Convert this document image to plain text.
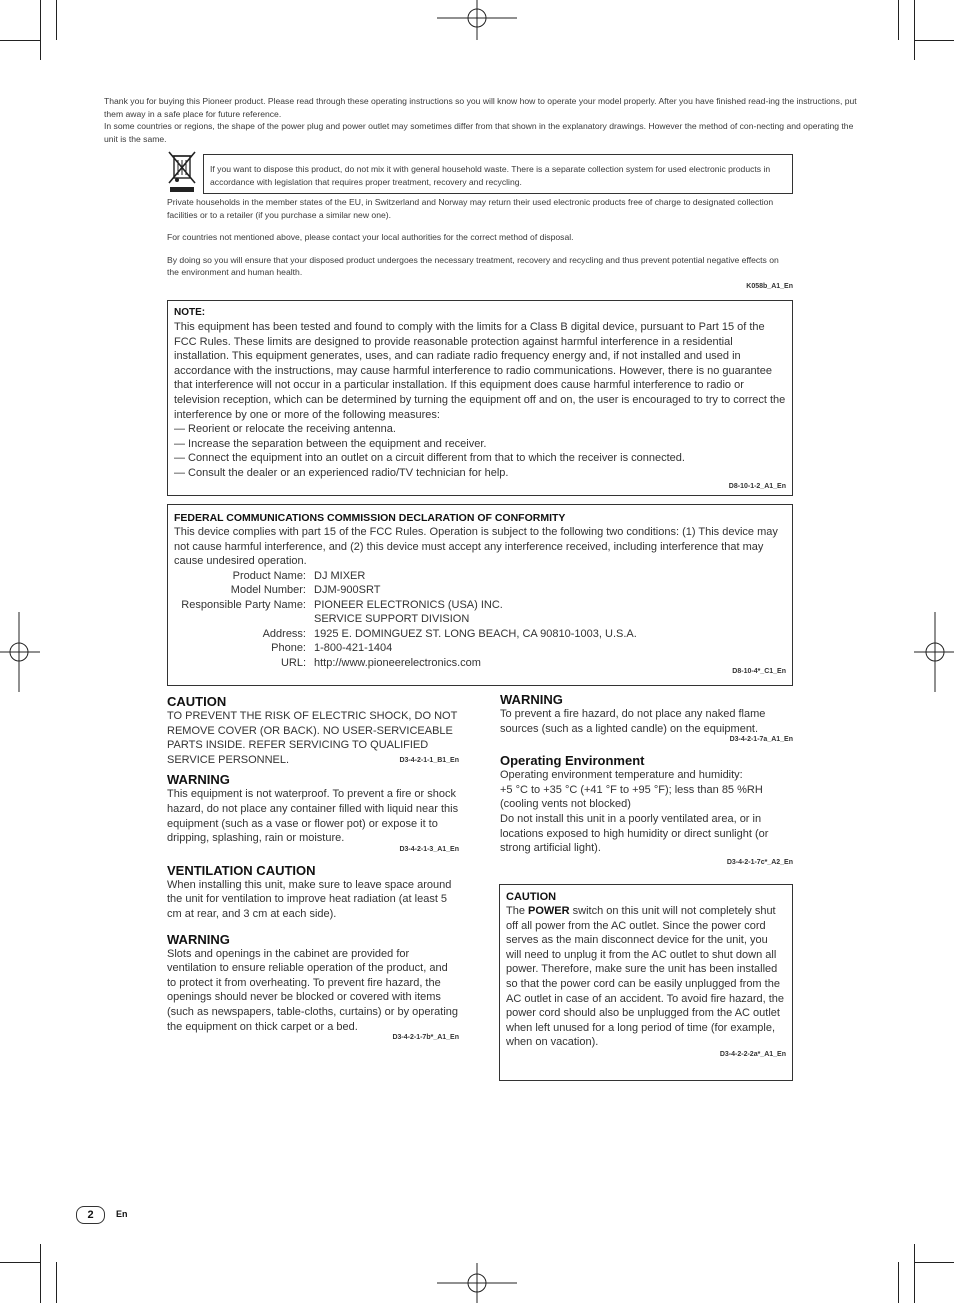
Thank you for buying this Pioneer product. Please read through these operating instructions so you will know how to operate your model properly. After you have finished read-ing the instructions, put them away in a safe place for future reference.
In some countries or regions, the shape of the power plug and power outlet may sometimes differ from that shown in the explanatory drawings. However the method of con-necting and operating the unit is the same.
If you want to dispose this product, do not mix it with general household waste. There is a separate collection system for used electronic products in accordance with legislation that requires proper treatment, recovery and recycling.
Private households in the member states of the EU, in Switzerland and Norway may return their used electronic products free of charge to designated collection facilities or to a retailer (if you purchase a similar new one).
For countries not mentioned above, please contact your local authorities for the correct method of disposal.
By doing so you will ensure that your disposed product undergoes the necessary treatment, recovery and recycling and thus prevent potential negative effects on the environment and human health.
K058b_A1_En
NOTE:
This equipment has been tested and found to comply with the limits for a Class B digital device, pursuant to Part 15 of the FCC Rules. These limits are designed to provide reasonable protection against harmful interference in a residential installation. This equipment generates, uses, and can radiate radio frequency energy and, if not installed and used in accordance with the instructions, may cause harmful interference to radio communications. However, there is no guarantee that interference will not occur in a particular installation. If this equipment does cause harmful interference to radio or television reception, which can be determined by turning the equipment off and on, the user is encouraged to try to correct the interference by one or more of the following measures:
— Reorient or relocate the receiving antenna.
— Increase the separation between the equipment and receiver.
— Connect the equipment into an outlet on a circuit different from that to which the receiver is connected.
— Consult the dealer or an experienced radio/TV technician for help.
D8-10-1-2_A1_En
FEDERAL COMMUNICATIONS COMMISSION DECLARATION OF CONFORMITY
This device complies with part 15 of the FCC Rules. Operation is subject to the following two conditions: (1) This device may not cause harmful interference, and (2) this device must accept any interference received, including interference that may cause undesired operation.
Product Name:	DJ MIXER
Model Number:	DJM-900SRT
Responsible Party Name:	PIONEER ELECTRONICS (USA) INC.
	SERVICE SUPPORT DIVISION
Address:	1925 E. DOMINGUEZ ST. LONG BEACH, CA 90810-1003, U.S.A.
Phone:	1-800-421-1404
URL:	http://www.pioneerelectronics.com
D8-10-4*_C1_En
CAUTION
TO PREVENT THE RISK OF ELECTRIC SHOCK, DO NOT REMOVE COVER (OR BACK). NO USER-SERVICEABLE PARTS INSIDE. REFER SERVICING TO QUALIFIED SERVICE PERSONNEL.	D3-4-2-1-1_B1_En
WARNING
This equipment is not waterproof. To prevent a fire or shock hazard, do not place any container filled with liquid near this equipment (such as a vase or flower pot) or expose it to dripping, splashing, rain or moisture.
D3-4-2-1-3_A1_En
VENTILATION CAUTION
When installing this unit, make sure to leave space around the unit for ventilation to improve heat radiation (at least 5 cm at rear, and 3 cm at each side).
WARNING
Slots and openings in the cabinet are provided for ventilation to ensure reliable operation of the product, and to protect it from overheating. To prevent fire hazard, the openings should never be blocked or covered with items (such as newspapers, table-cloths, curtains) or by operating the equipment on thick carpet or a bed.
D3-4-2-1-7b*_A1_En
WARNING
To prevent a fire hazard, do not place any naked flame sources (such as a lighted candle) on the equipment.
D3-4-2-1-7a_A1_En
Operating Environment
Operating environment temperature and humidity:
+5 °C to +35 °C (+41 °F to +95 °F); less than 85 %RH
(cooling vents not blocked)
Do not install this unit in a poorly ventilated area, or in locations exposed to high humidity or direct sunlight (or strong artificial light).
D3-4-2-1-7c*_A2_En
CAUTION
The POWER switch on this unit will not completely shut off all power from the AC outlet. Since the power cord serves as the main disconnect device for the unit, you will need to unplug it from the AC outlet to shut down all power. Therefore, make sure the unit has been installed so that the power cord can be easily unplugged from the AC outlet in case of an accident. To avoid fire hazard, the power cord should also be unplugged from the AC outlet when left unused for a long period of time (for example, when on vacation).
D3-4-2-2-2a*_A1_En
2	En
